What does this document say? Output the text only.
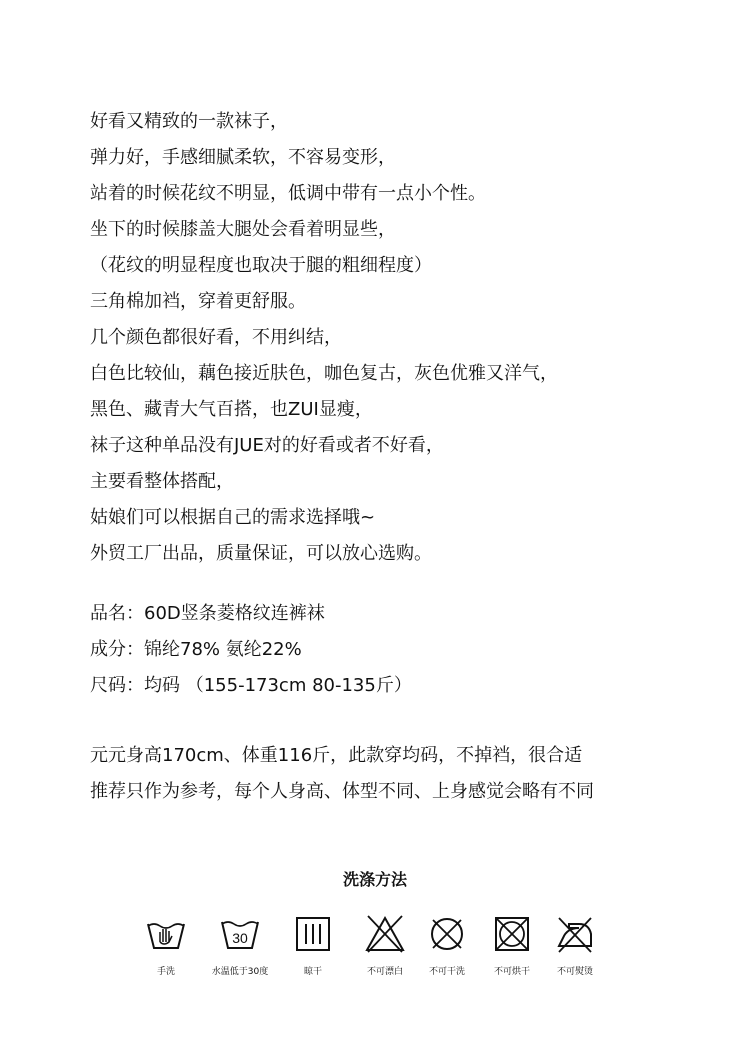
好看又精致的一款袜子，
弹力好，手感细腻柔软，不容易变形，
站着的时候花纹不明显，低调中带有一点小个性。
坐下的时候膝盖大腿处会看着明显些，
（花纹的明显程度也取决于腿的粗细程度）
三角棉加裆，穿着更舒服。
几个颜色都很好看，不用纠结，
白色比较仙，藕色接近肤色，咖色复古，灰色优雅又洋气，
黑色、藏青大气百搭，也ZUI显瘦，
袜子这种单品没有JUE对的好看或者不好看，
主要看整体搭配，
姑娘们可以根据自己的需求选择哦~
外贸工厂出品，质量保证，可以放心选购。
品名：60D竖条菱格纹连裤袜
成分：锦纶78% 氨纶22%
尺码：均码 （155-173cm 80-135斤）
元元身高170cm、体重116斤，此款穿均码，不掉裆，很合适
推荐只作为参考，每个人身高、体型不同、上身感觉会略有不同
洗涤方法
手洗
30
水温低于30度	晾干	不可漂白	不可干洗	不可烘干	不可熨烫
